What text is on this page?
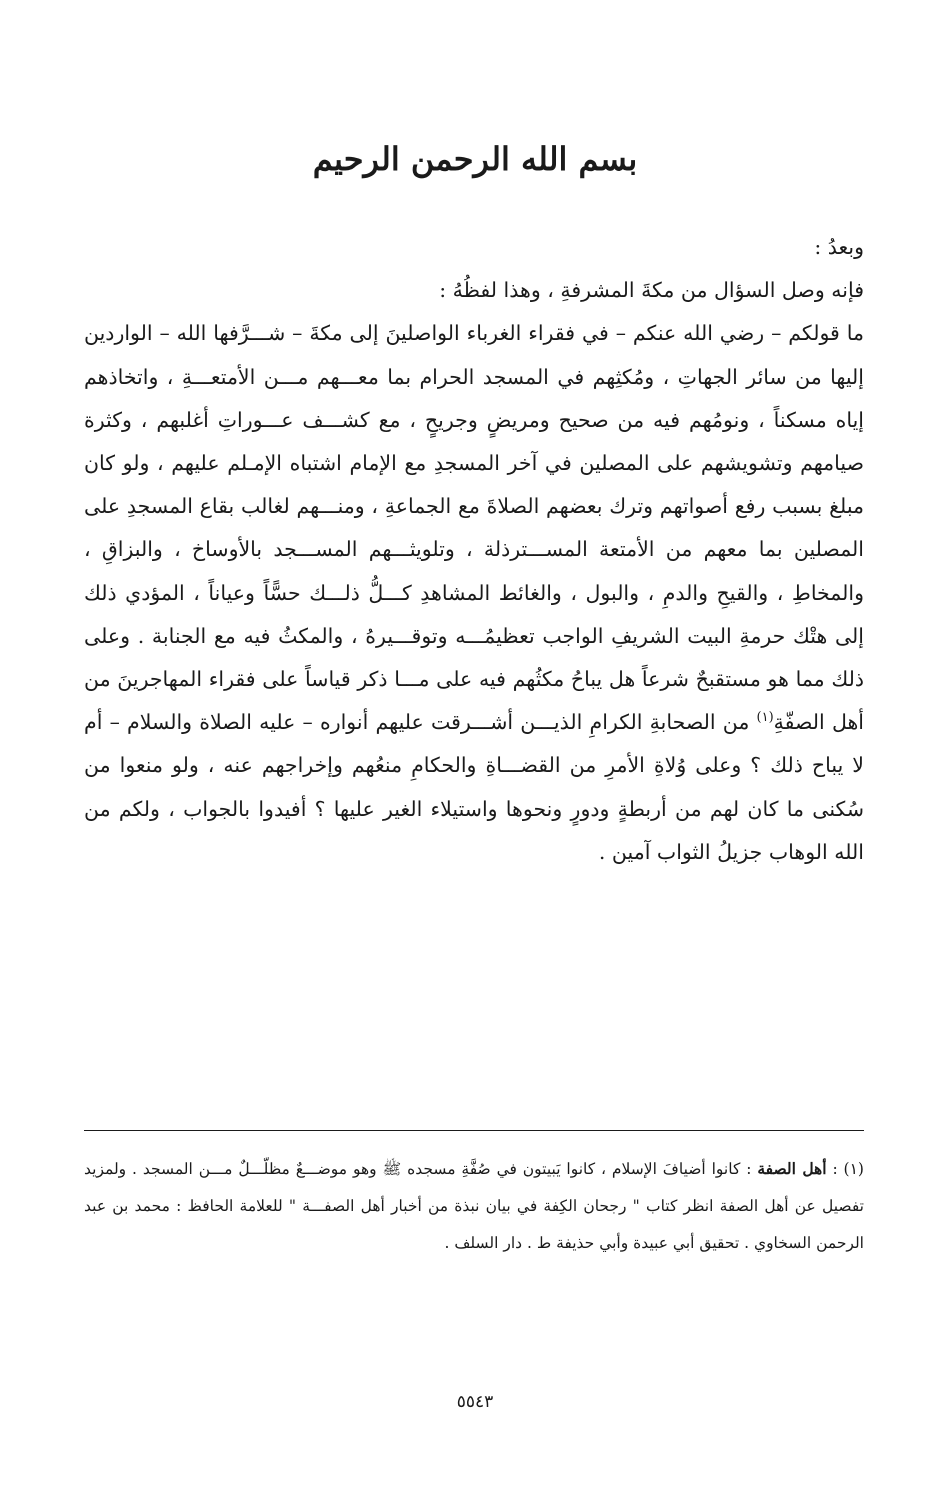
بسم الله الرحمن الرحيم

وبعدُ :

فإنه وصل السؤال من مكةَ المشرفةِ ، وهذا لفظُهُ :

ما قولكم – رضي الله عنكم – في فقراء الغرباء الواصلينَ إلى مكةَ – شـــرَّفها الله – الواردين إليها من سائر الجهاتِ ، ومُكثِهم في المسجد الحرام بما معـــهم مـــن الأمتعـــةِ ، واتخاذهم إياه مسكناً ، ونومُهم فيه من صحيح ومريضٍ وجريحٍ ، مع كشـــف عـــوراتِ أغلبهم ، وكثرة صيامهم وتشويشهم على المصلين في آخر المسجدِ مع الإمام اشتباه الإمـلم عليهم ، ولو كان مبلغ بسبب رفع أصواتهم وترك بعضهم الصلاةَ مع الجماعةِ ، ومنـــهم لغالب بقاع المسجدِ على المصلين بما معهم من الأمتعة المســـترذلة ، وتلويثـــهم المســـجد بالأوساخ ، والبزاقِ ، والمخاطِ ، والقيحِ والدمِ ، والبول ، والغائط المشاهدِ كـــلُّ ذلـــك حسًّاً وعياناً ، المؤدي ذلك إلى هتْك حرمةِ البيت الشريفِ الواجب تعظيمُـــه وتوقـــيرهُ ، والمكثُ فيه مع الجنابة . وعلى ذلك مما هو مستقبحٌ شرعاً هل يباحُ مكثُهم فيه على مـــا ذكر قياساً على فقراء المهاجرينَ من أهل الصفّةِ$^{(١)}$ من الصحابةِ الكرامِ الذيـــن أشـــرقت عليهم أنواره – عليه الصلاة والسلام – أم لا يباح ذلك ؟ وعلى وُلاةِ الأمرِ من القضـــاةِ والحكامِ منعُهم وإخراجهم عنه ، ولو منعوا من سُكنى ما كان لهم من أربطةٍ ودورٍ ونحوها واستيلاء الغير عليها ؟ أفيدوا بالجواب ، ولكم من الله الوهاب جزيلُ الثواب آمين .

(١) : أهل الصفة : كانوا أضيافَ الإسلام ، كانوا يَبيتون في صُفَّةِ مسجده ﷺ وهو موضـــعٌ مظلّـــلٌ مـــن المسجد . ولمزيد تفصيل عن أهل الصفة انظر كتاب " رجحان الكِفة في بيان نبذة من أخبار أهل الصفـــة " للعلامة الحافظ : محمد بن عبد الرحمن السخاوي . تحقيق أبي عبيدة وأبي حذيفة ط . دار السلف .
٥٥٤٣
